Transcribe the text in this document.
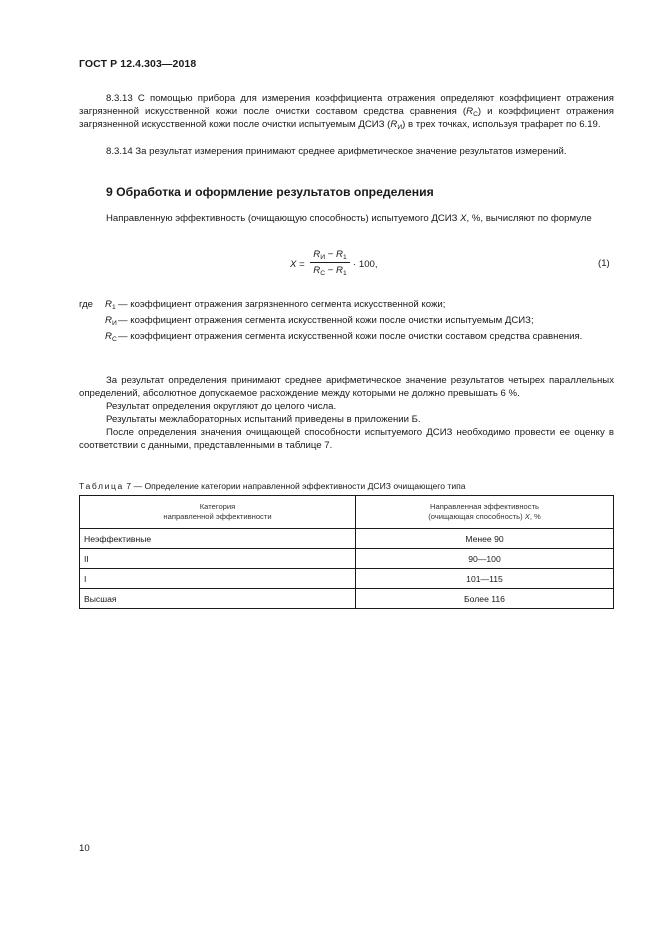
ГОСТ Р 12.4.303—2018

8.3.13 С помощью прибора для измерения коэффициента отражения определяют коэффициент отражения загрязненной искусственной кожи после очистки составом средства сравнения $(R_С)$ и коэффициент отражения загрязненной искусственной кожи после очистки испытуемым ДСИЗ $(R_И)$ в трех точках, используя трафарет по 6.19.

8.3.14 За результат измерения принимают среднее арифметическое значение результатов измерений.

9 Обработка и оформление результатов определения

Направленную эффективность (очищающую способность) испытуемого ДСИЗ X, %, вычисляют по формуле

X =
$R_И - R_1$
$R_С - R_1$
· 100,	(1)
где $R_1$ — коэффициент отражения загрязненного сегмента искусственной кожи;
$R_И$ — коэффициент отражения сегмента искусственной кожи после очистки испытуемым ДСИЗ;
$R_С$ — коэффициент отражения сегмента искусственной кожи после очистки составом средства сравнения.

За результат определения принимают среднее арифметическое значение результатов четырех параллельных определений, абсолютное допускаемое расхождение между которыми не должно превышать 6 %.

Результат определения округляют до целого числа.

Результаты межлабораторных испытаний приведены в приложении Б.

После определения значения очищающей способности испытуемого ДСИЗ необходимо провести ее оценку в соответствии с данными, представленными в таблице 7.

Таблица 7 — Определение категории направленной эффективности ДСИЗ очищающего типа
Категория
направленной эффективности	Направленная эффективность
(очищающая способность) X, %
Неэффективные	Менее 90
II	90—100
I	101—115
Высшая	Более 116
10
